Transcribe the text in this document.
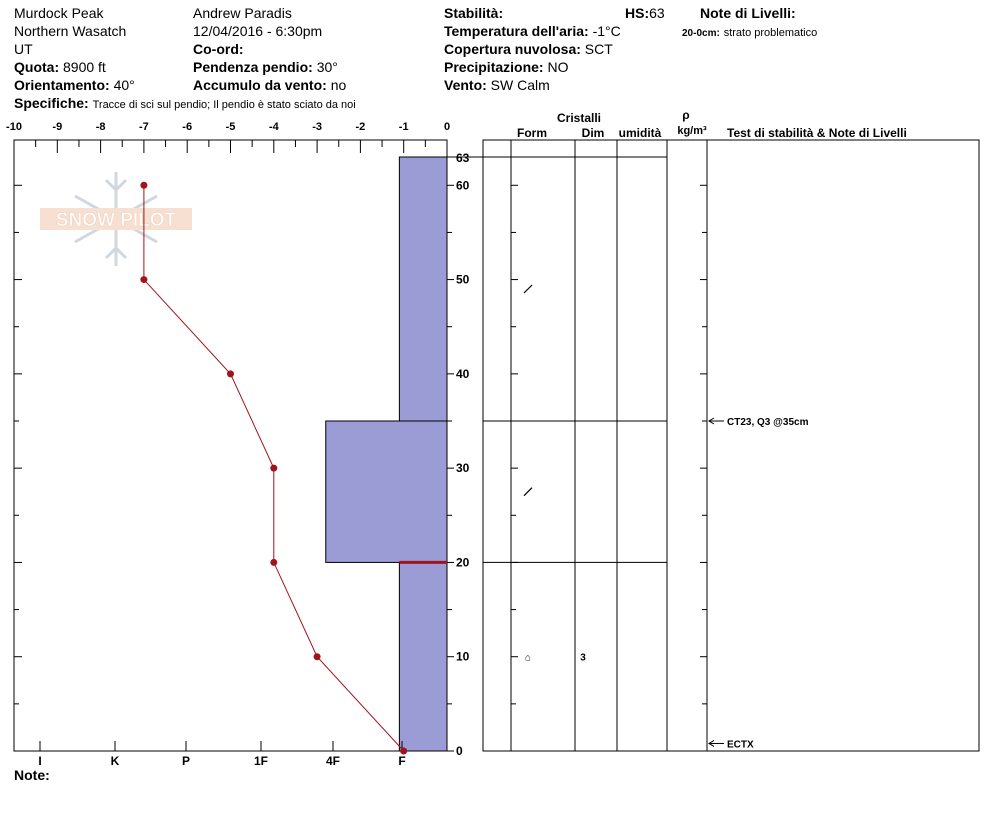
Murdock Peak
Northern Wasatch
UT
Quota: 8900 ft
Orientamento: 40°
Specifiche: Tracce di sci sul pendio; Il pendio è stato sciato da noi
Andrew Paradis
12/04/2016 - 6:30pm
Co-ord:
Pendenza pendio: 30°
Accumulo da vento: no
Stabilità:	HS:63
Temperatura dell'aria: -1°C
Copertura nuvolosa: SCT
Precipitazione: NO
Vento: SW Calm
Note di Livelli:
20-0cm: strato problematico
Note:
SNOW PILOT
-10	-9	-8	-7	-6	-5	-4	-3	-2	-1	0
0
10
20
30
40
50
60
63
I	K	P	1F	4F	F
Cristalli
Form	Dim umidità
ρ
kg/m³ Test di stabilità & Note di Livelli
⌂	3
CT23, Q3 @35cm
ECTX
